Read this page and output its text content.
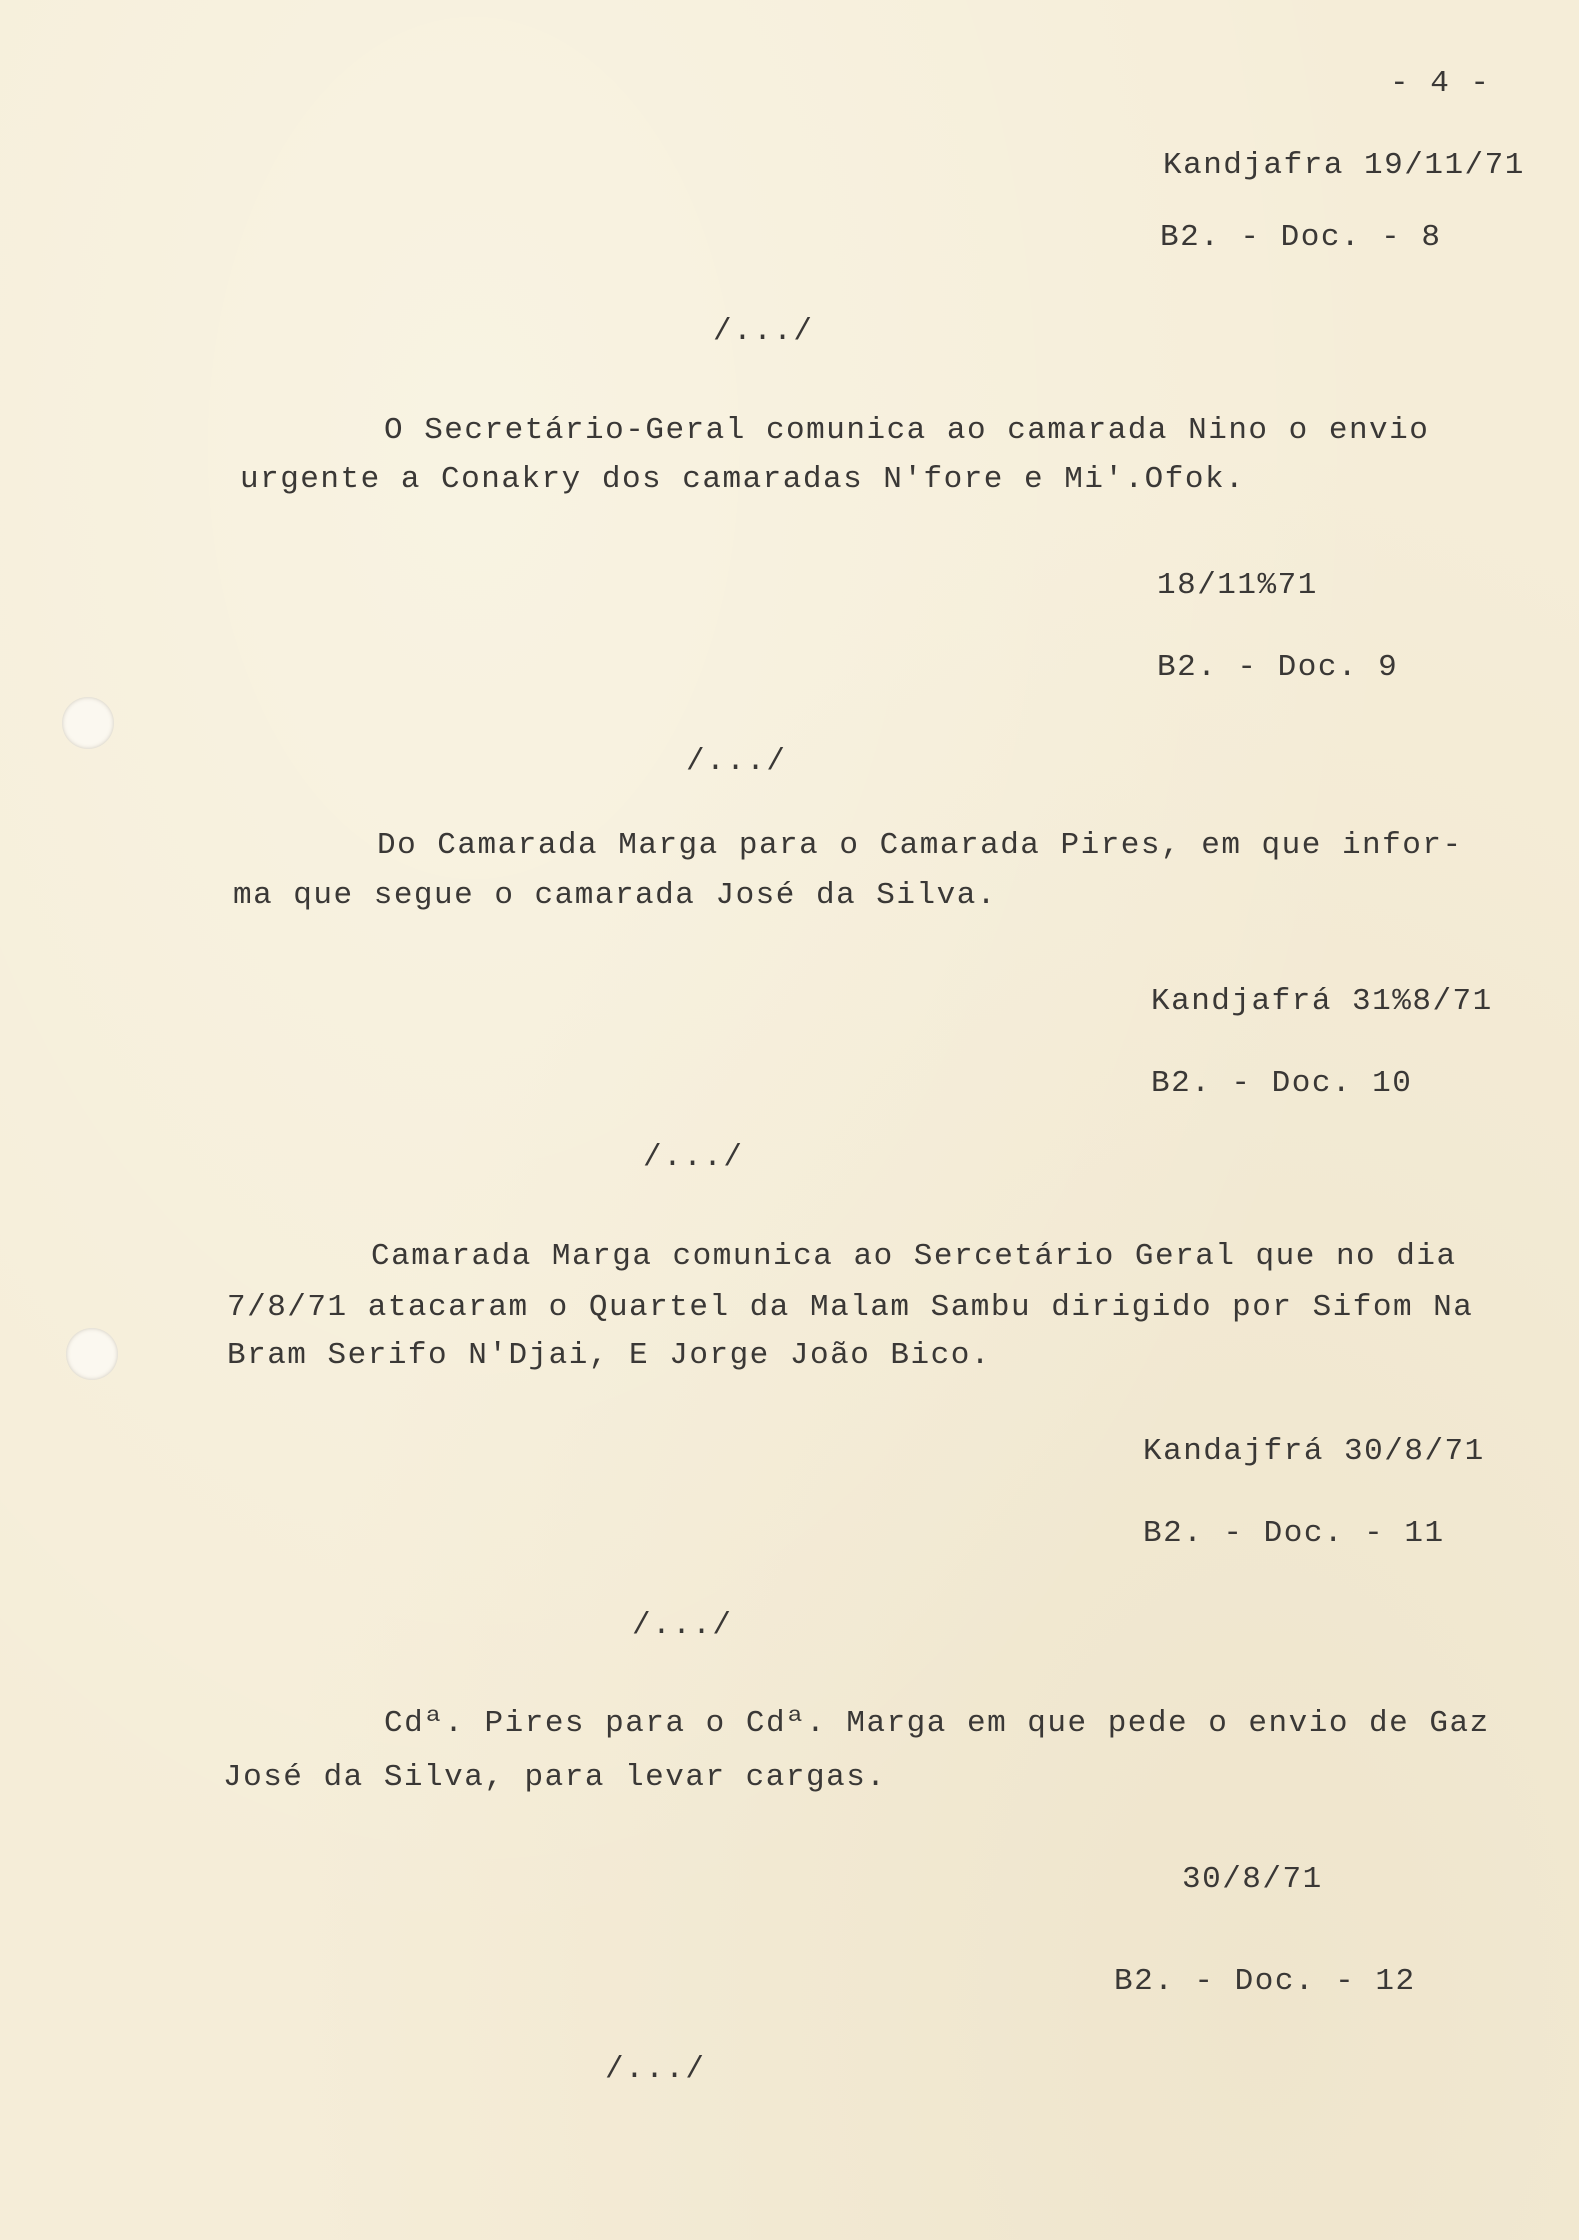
- 4 -
Kandjafra 19/11/71
B2. - Doc. - 8
/.../
O Secretário-Geral comunica ao camarada Nino o envio
urgente a Conakry dos camaradas N'fore e Mi'.Ofok.
18/11%71
B2. - Doc. 9
/.../
Do Camarada Marga para o Camarada Pires, em que infor-
ma que segue o camarada José da Silva.
Kandjafrá 31%8/71
B2. - Doc. 10
/.../
Camarada Marga comunica ao Sercetário Geral que no dia
7/8/71 atacaram o Quartel da Malam Sambu dirigido por Sifom Na
Bram Serifo N'Djai, E Jorge João Bico.
Kandajfrá 30/8/71
B2. - Doc. - 11
/.../
Cdª. Pires para o Cdª. Marga em que pede o envio de Gaz
José da Silva, para levar cargas.
30/8/71
B2. - Doc. - 12
/.../
